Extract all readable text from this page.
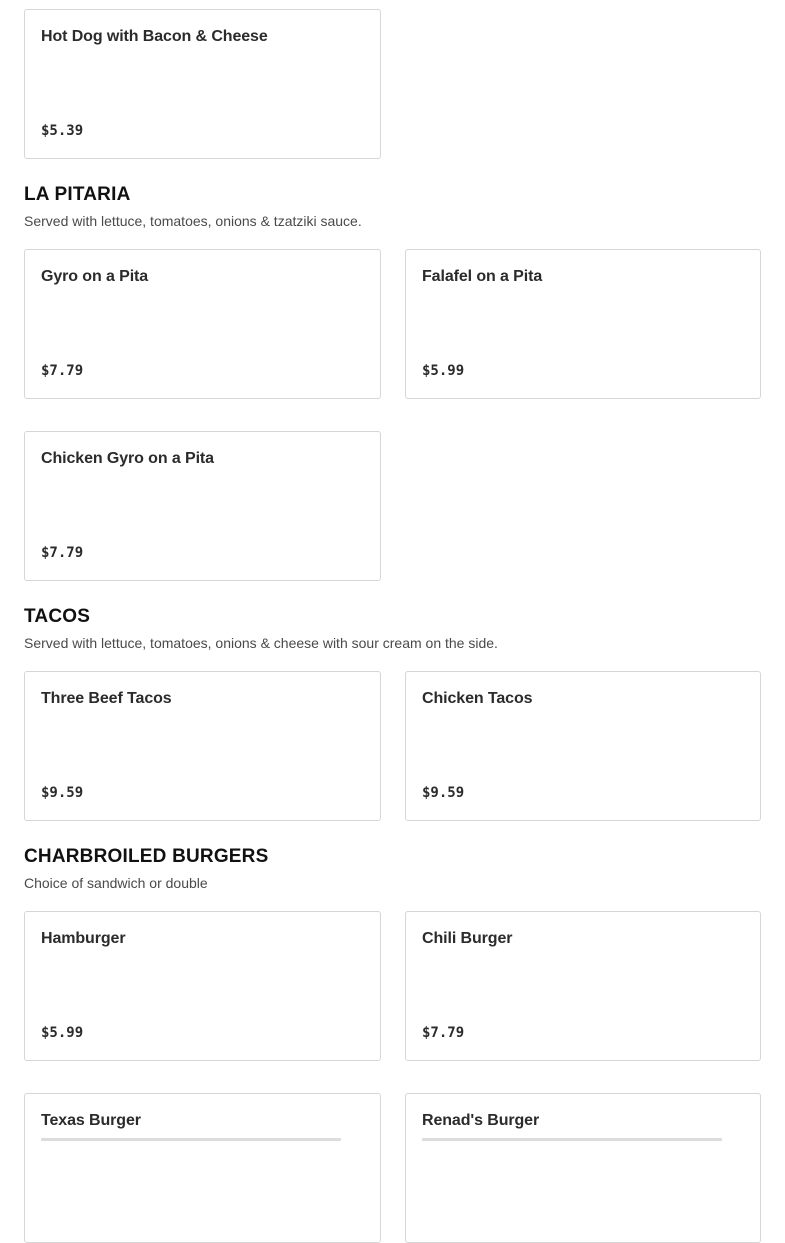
Hot Dog with Bacon & Cheese
$5.39
LA PITARIA
Served with lettuce, tomatoes, onions & tzatziki sauce.
Gyro on a Pita
$7.79
Falafel on a Pita
$5.99
Chicken Gyro on a Pita
$7.79
TACOS
Served with lettuce, tomatoes, onions & cheese with sour cream on the side.
Three Beef Tacos
$9.59
Chicken Tacos
$9.59
CHARBROILED BURGERS
Choice of sandwich or double
Hamburger
$5.99
Chili Burger
$7.79
Texas Burger	Renad's Burger
